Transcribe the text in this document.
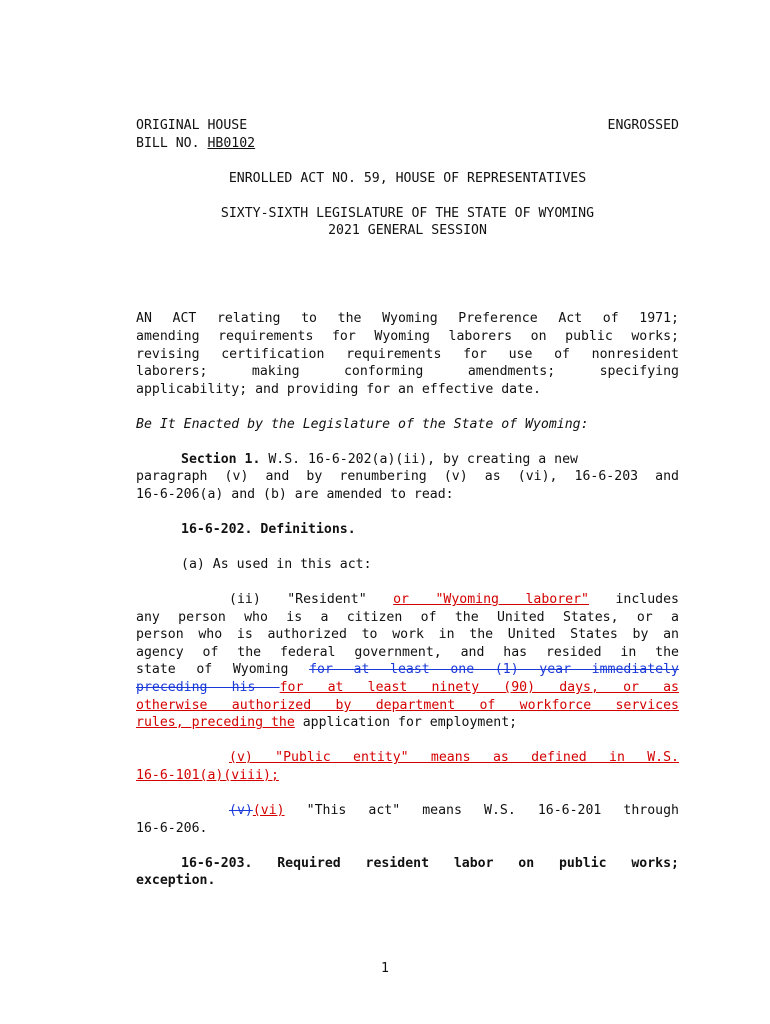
ORIGINAL HOUSE	ENGROSSED
BILL NO. HB0102
ENROLLED ACT NO. 59, HOUSE OF REPRESENTATIVES
SIXTY-SIXTH LEGISLATURE OF THE STATE OF WYOMING
2021 GENERAL SESSION
AN ACT relating to the Wyoming Preference Act of 1971;
amending requirements for Wyoming laborers on public works;
revising certification requirements for use of nonresident
laborers; making conforming amendments; specifying
applicability; and providing for an effective date.
Be It Enacted by the Legislature of the State of Wyoming:
Section 1. W.S. 16-6-202(a)(ii), by creating a new
paragraph (v) and by renumbering (v) as (vi), 16-6-203 and
16-6-206(a) and (b) are amended to read:
16-6-202. Definitions.
(a) As used in this act:
(ii) "Resident" or "Wyoming laborer" includes
any person who is a citizen of the United States, or a
person who is authorized to work in the United States by an
agency of the federal government, and has resided in the
state of Wyoming for at least one (1) year immediately
preceding his for at least ninety (90) days, or as
otherwise authorized by department of workforce services
rules, preceding the application for employment;
(v) "Public entity" means as defined in W.S.
16-6-101(a)(viii);
(v)(vi) "This act" means W.S. 16-6-201 through
16-6-206.
16-6-203. Required resident labor on public works;
exception.
1
